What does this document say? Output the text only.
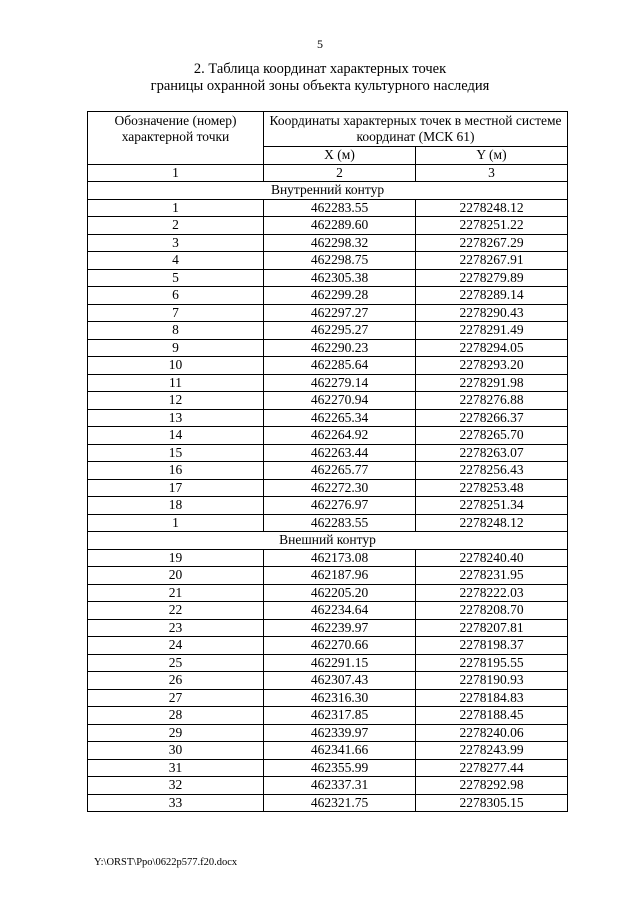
5
2. Таблица координат характерных точек
границы охранной зоны объекта культурного наследия
Обозначение (номер) характерной точки	Координаты характерных точек в местной системе координат (МСК 61)	
	X (м)	Y (м)
1	2	3
Внутренний контур		
1	462283.55	2278248.12
2	462289.60	2278251.22
3	462298.32	2278267.29
4	462298.75	2278267.91
5	462305.38	2278279.89
6	462299.28	2278289.14
7	462297.27	2278290.43
8	462295.27	2278291.49
9	462290.23	2278294.05
10	462285.64	2278293.20
11	462279.14	2278291.98
12	462270.94	2278276.88
13	462265.34	2278266.37
14	462264.92	2278265.70
15	462263.44	2278263.07
16	462265.77	2278256.43
17	462272.30	2278253.48
18	462276.97	2278251.34
1	462283.55	2278248.12
Внешний контур		
19	462173.08	2278240.40
20	462187.96	2278231.95
21	462205.20	2278222.03
22	462234.64	2278208.70
23	462239.97	2278207.81
24	462270.66	2278198.37
25	462291.15	2278195.55
26	462307.43	2278190.93
27	462316.30	2278184.83
28	462317.85	2278188.45
29	462339.97	2278240.06
30	462341.66	2278243.99
31	462355.99	2278277.44
32	462337.31	2278292.98
33	462321.75	2278305.15
Y:\ORST\Ppo\0622p577.f20.docx
